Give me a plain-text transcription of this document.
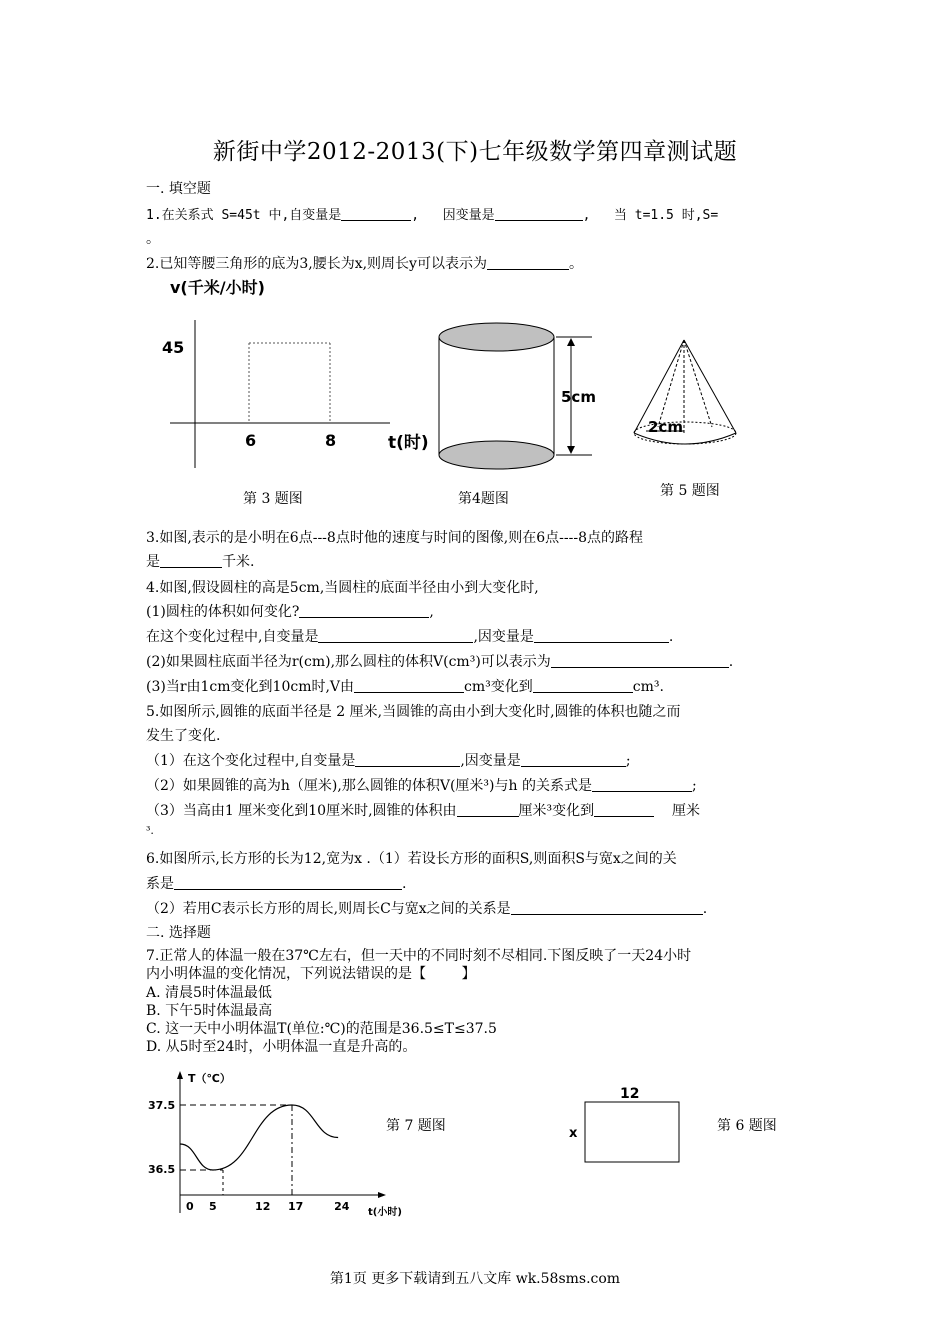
新街中学2012-2013(下)七年级数学第四章测试题
一. 填空题
1.在关系式 S=45t 中,自变量是	,   因变量是	,   当 t=1.5 时,S=
。
2.已知等腰三角形的底为3,腰长为x,则周长y可以表示为	。
v(千米/小时)
45
6	8	t(时)
第 3 题图
5cm
第4题图
2cm
第 5 题图
3.如图,表示的是小明在6点---8点时他的速度与时间的图像,则在6点----8点的路程
是	千米.
4.如图,假设圆柱的高是5cm,当圆柱的底面半径由小到大变化时,
(1)圆柱的体积如何变化?	,
在这个变化过程中,自变量是	,因变量是	.
(2)如果圆柱底面半径为r(cm),那么圆柱的体积V(cm³)可以表示为	.
(3)当r由1cm变化到10cm时,V由	cm³变化到	cm³.
5.如图所示,圆锥的底面半径是 2 厘米,当圆锥的高由小到大变化时,圆锥的体积也随之而
发生了变化.
（1）在这个变化过程中,自变量是	,因变量是	;
（2）如果圆锥的高为h（厘米),那么圆锥的体积V(厘米³)与h 的关系式是	;
（3）当高由1 厘米变化到10厘米时,圆锥的体积由	厘米³变化到	厘米
³.
6.如图所示,长方形的长为12,宽为x .（1）若设长方形的面积S,则面积S与宽x之间的关
系是	.
（2）若用C表示长方形的周长,则周长C与宽x之间的关系是	.
二. 选择题
7.正常人的体温一般在37℃左右，但一天中的不同时刻不尽相同.下图反映了一天24小时
内小明体温的变化情况，下列说法错误的是【	】
A. 清晨5时体温最低
B. 下午5时体温最高
C. 这一天中小明体温T(单位:℃)的范围是36.5≤T≤37.5
D. 从5时至24时，小明体温一直是升高的。
T（℃）
t(小时)
37.5
36.5
0 5	12 17	24
第 7 题图
12
x	第 6 题图
第1页 更多下载请到五八文库 wk.58sms.com
